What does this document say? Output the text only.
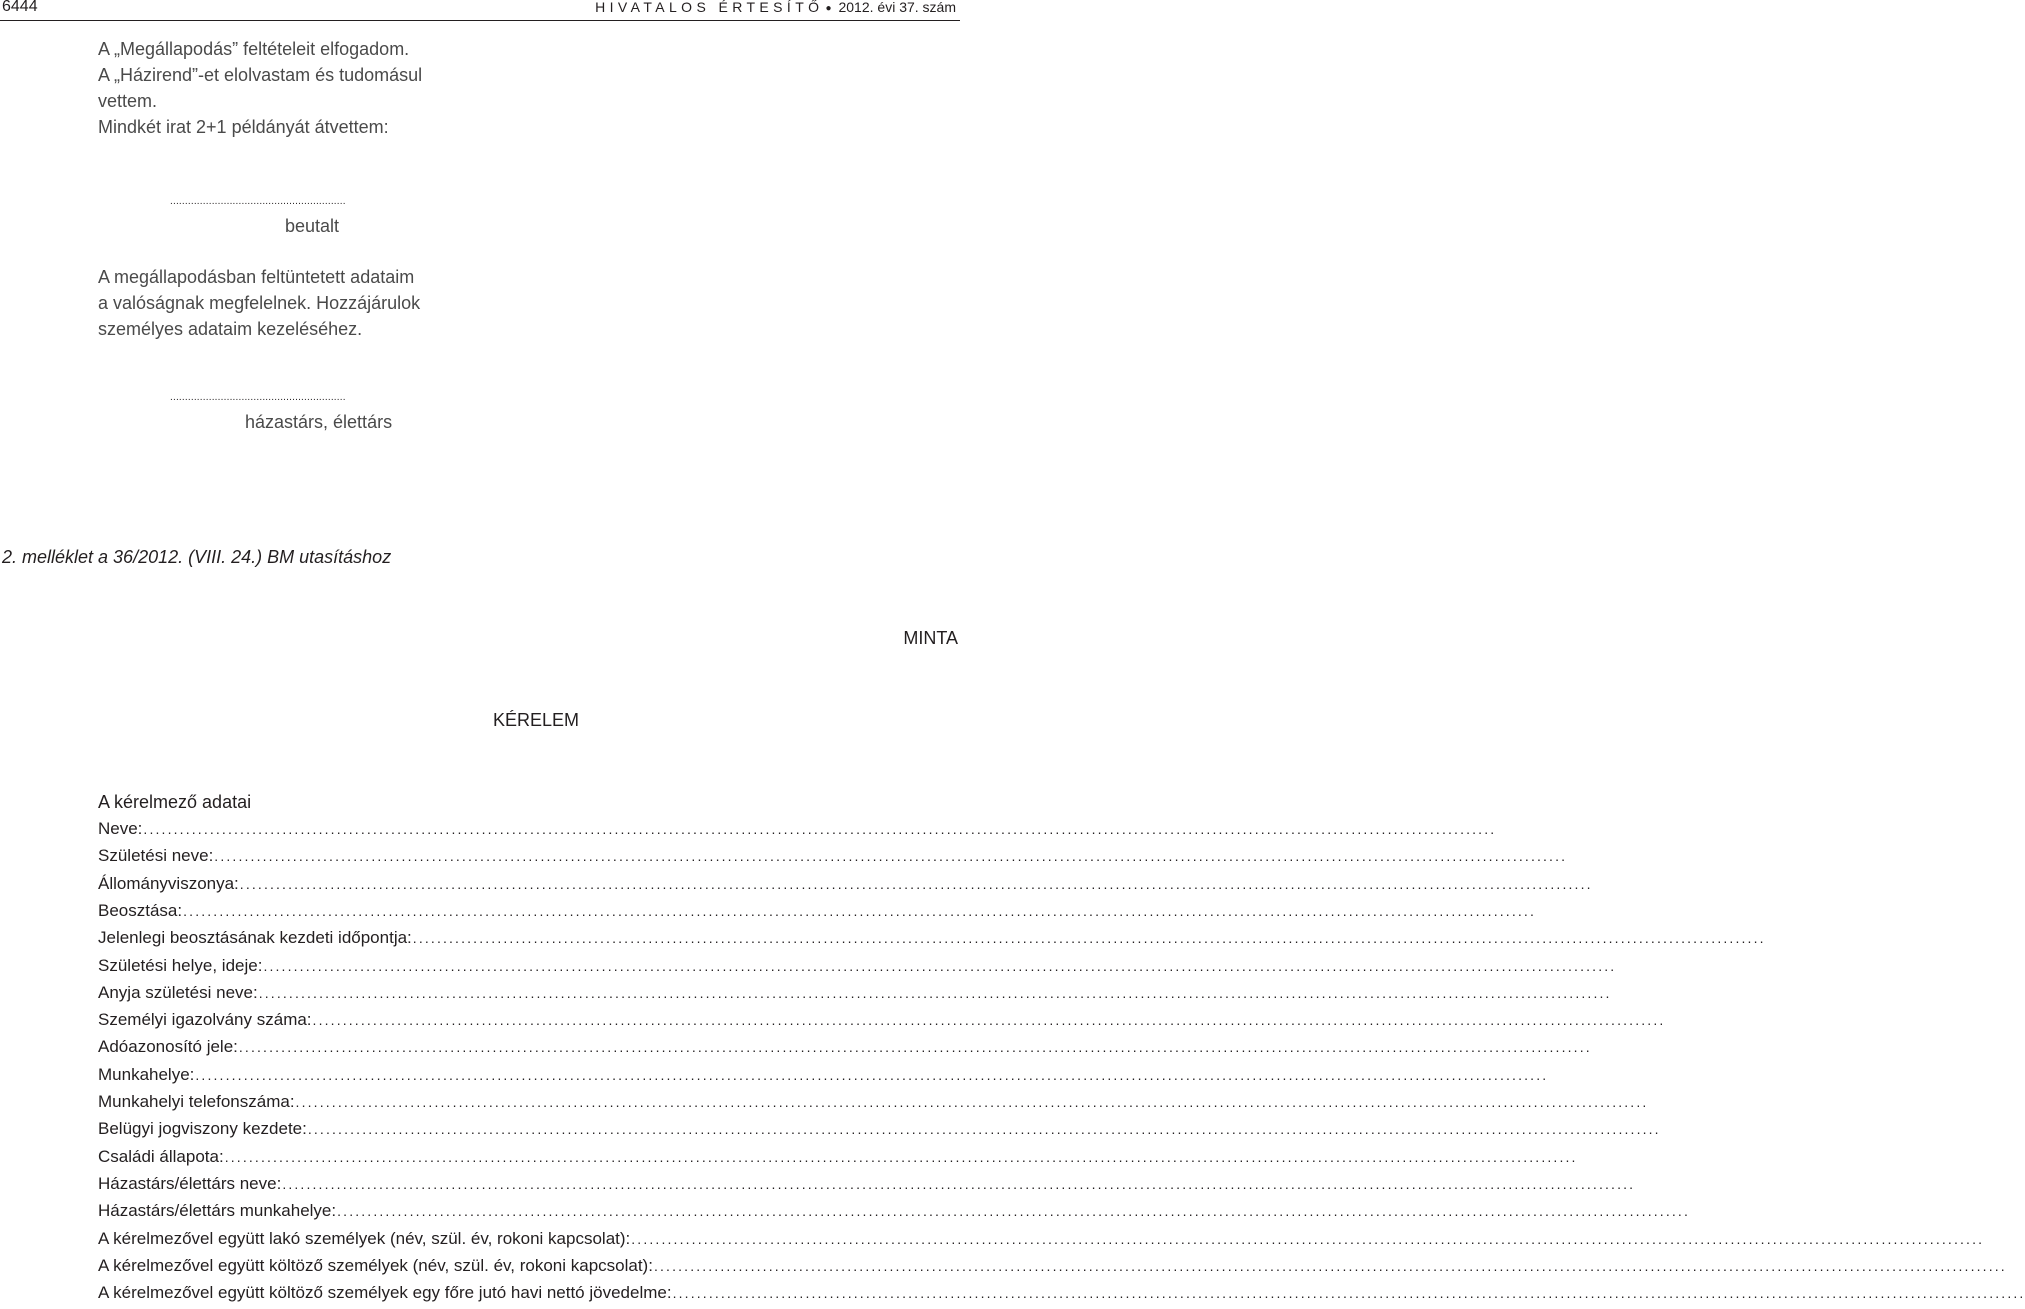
6444	HIVATALOS ÉRTESÍTŐ ● 2012. évi 37. szám
A „Megállapodás” feltételeit elfogadom.
A „Házirend”-et elolvastam és tudomásul
vettem.
Mindkét irat 2+1 példányát átvettem:
...........................................................
beutalt
A megállapodásban feltüntetett adataim
a valóságnak megfelelnek. Hozzájárulok
személyes adataim kezeléséhez.
...........................................................
házastárs, élettárs
2. melléklet a 36/2012. (VIII. 24.) BM utasításhoz
MINTA
KÉRELEM
A kérelmező adatai
Neve: ................................................................................................................................................................................................................................
Születési neve: ................................................................................................................................................................................................................................
Állományviszonya: ................................................................................................................................................................................................................................
Beosztása: ................................................................................................................................................................................................................................
Jelenlegi beosztásának kezdeti időpontja: ................................................................................................................................................................................................................................
Születési helye, ideje: ................................................................................................................................................................................................................................
Anyja születési neve: ................................................................................................................................................................................................................................
Személyi igazolvány száma: ................................................................................................................................................................................................................................
Adóazonosító jele: ................................................................................................................................................................................................................................
Munkahelye: ................................................................................................................................................................................................................................
Munkahelyi telefonszáma: ................................................................................................................................................................................................................................
Belügyi jogviszony kezdete: ................................................................................................................................................................................................................................
Családi állapota: ................................................................................................................................................................................................................................
Házastárs/élettárs neve: ................................................................................................................................................................................................................................
Házastárs/élettárs munkahelye: ................................................................................................................................................................................................................................
A kérelmezővel együtt lakó személyek (név, szül. év, rokoni kapcsolat): ................................................................................................................................................................................................................................
A kérelmezővel együtt költöző személyek (név, szül. év, rokoni kapcsolat): ................................................................................................................................................................................................................................
A kérelmezővel együtt költöző személyek egy főre jutó havi nettó jövedelme: ................................................................................................................................................................................................................................
